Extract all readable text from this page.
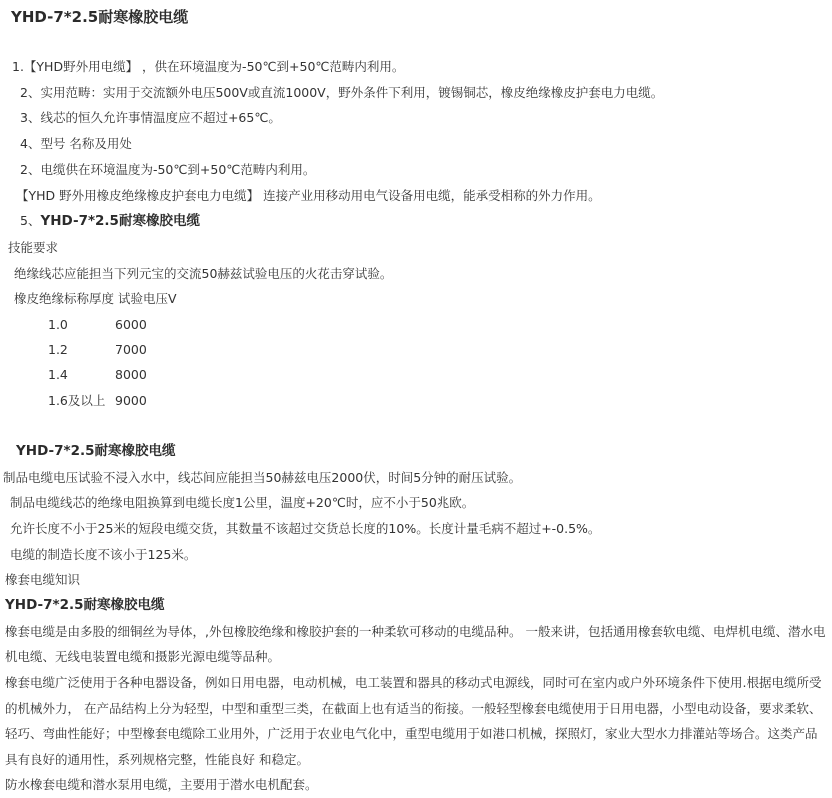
YHD-7*2.5耐寒橡胶电缆
1.【YHD野外用电缆】 ，供在环境温度为-50℃到+50℃范畴内利用。
2、实用范畴：实用于交流额外电压500V或直流1000V，野外条件下利用，镀锡铜芯，橡皮绝缘橡皮护套电力电缆。
3、线芯的恒久允许事情温度应不超过+65℃。
4、型号 名称及用处
2、电缆供在环境温度为-50℃到+50℃范畴内利用。
【YHD 野外用橡皮绝缘橡皮护套电力电缆】 连接产业用移动用电气设备用电缆，能承受相称的外力作用。
5、YHD-7*2.5耐寒橡胶电缆
技能要求
绝缘线芯应能担当下列元宝的交流50赫兹试验电压的火花击穿试验。
橡皮绝缘标称厚度 试验电压V
1.0	6000
1.2	7000
1.4	8000
1.6及以上 9000
YHD-7*2.5耐寒橡胶电缆
制品电缆电压试验不浸入水中，线芯间应能担当50赫兹电压2000伏，时间5分钟的耐压试验。
制品电缆线芯的绝缘电阻换算到电缆长度1公里，温度+20℃时，应不小于50兆欧。
允许长度不小于25米的短段电缆交货，其数量不该超过交货总长度的10%。长度计量毛病不超过+-0.5%。
电缆的制造长度不该小于125米。
橡套电缆知识
YHD-7*2.5耐寒橡胶电缆
橡套电缆是由多股的细铜丝为导体，,外包橡胶绝缘和橡胶护套的一种柔软可移动的电缆品种。 一般来讲，包括通用橡套软电缆、电焊机电缆、潜水电机电缆、无线电装置电缆和摄影光源电缆等品种。
橡套电缆广泛使用于各种电器设备，例如日用电器，电动机械，电工装置和器具的移动式电源线，同时可在室内或户外环境条件下使用.根据电缆所受的机械外力， 在产品结构上分为轻型，中型和重型三类，在截面上也有适当的衔接。一般轻型橡套电缆使用于日用电器，小型电动设备，要求柔软、轻巧、弯曲性能好；中型橡套电缆除工业用外，广泛用于农业电气化中，重型电缆用于如港口机械，探照灯，家业大型水力排灌站等场合。这类产品具有良好的通用性，系列规格完整，性能良好 和稳定。
防水橡套电缆和潜水泵用电缆，主要用于潜水电机配套。
